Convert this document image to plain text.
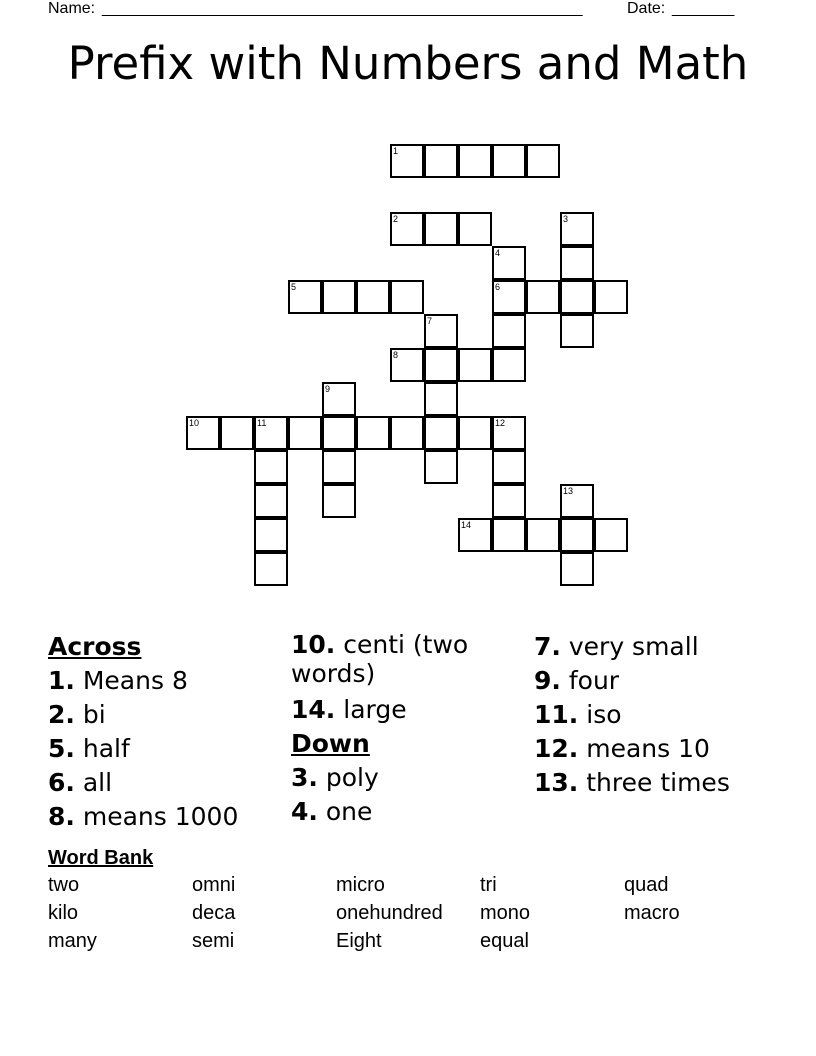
Name: ______________________________________________________	Date: _______
Prefix with Numbers and Math
1
2	3
4
6
5
7
8
9
10	11	12
13
14
Across
1. Means 8
2. bi
5. half
6. all
8. means 1000
10. centi (two words)
14. large
Down
3. poly
4. one
7. very small
9. four
11. iso
12. means 10
13. three times
Word Bank
two	omni	micro	tri	quad
kilo	deca	onehundred mono	macro
many	semi	Eight	equal
